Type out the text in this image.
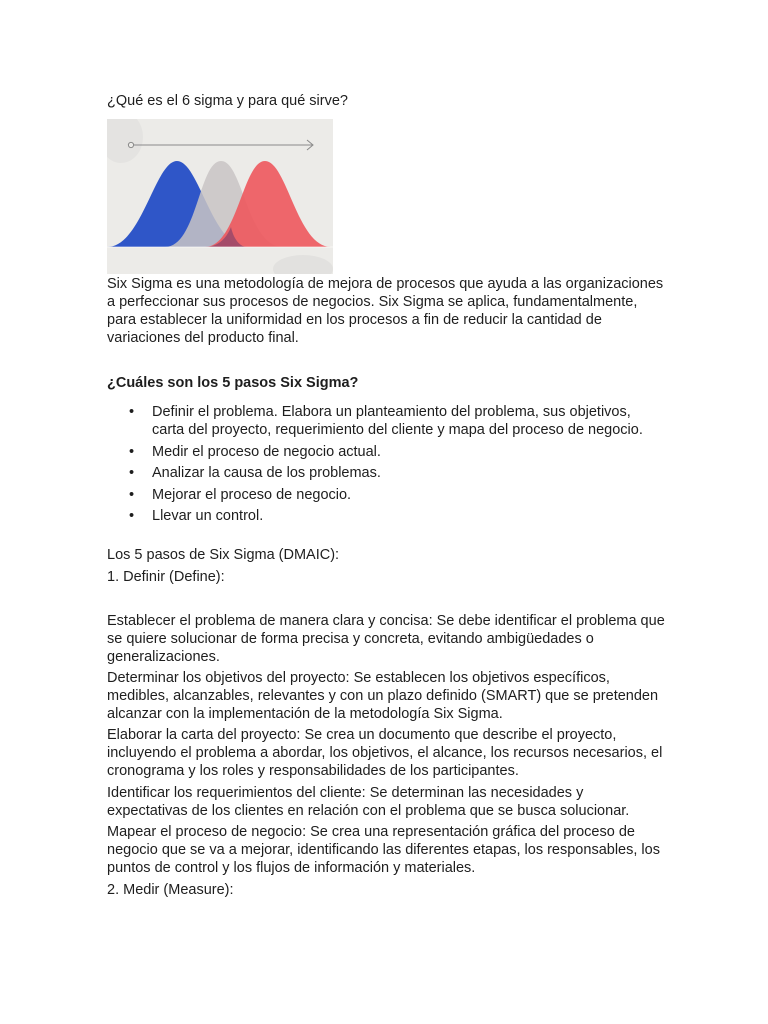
¿Qué es el 6 sigma y para qué sirve?

Six Sigma es una metodología de mejora de procesos que ayuda a las organizaciones a perfeccionar sus procesos de negocios. Six Sigma se aplica, fundamentalmente, para establecer la uniformidad en los procesos a fin de reducir la cantidad de variaciones del producto final.

¿Cuáles son los 5 pasos Six Sigma?

• Definir el problema. Elabora un planteamiento del problema, sus objetivos, carta del proyecto, requerimiento del cliente y mapa del proceso de negocio.
• Medir el proceso de negocio actual.
• Analizar la causa de los problemas.
• Mejorar el proceso de negocio.
• Llevar un control.

Los 5 pasos de Six Sigma (DMAIC):

1. Definir (Define):

Establecer el problema de manera clara y concisa: Se debe identificar el problema que se quiere solucionar de forma precisa y concreta, evitando ambigüedades o generalizaciones.

Determinar los objetivos del proyecto: Se establecen los objetivos específicos, medibles, alcanzables, relevantes y con un plazo definido (SMART) que se pretenden alcanzar con la implementación de la metodología Six Sigma.

Elaborar la carta del proyecto: Se crea un documento que describe el proyecto, incluyendo el problema a abordar, los objetivos, el alcance, los recursos necesarios, el cronograma y los roles y responsabilidades de los participantes.

Identificar los requerimientos del cliente: Se determinan las necesidades y expectativas de los clientes en relación con el problema que se busca solucionar.

Mapear el proceso de negocio: Se crea una representación gráfica del proceso de negocio que se va a mejorar, identificando las diferentes etapas, los responsables, los puntos de control y los flujos de información y materiales.

2. Medir (Measure):
